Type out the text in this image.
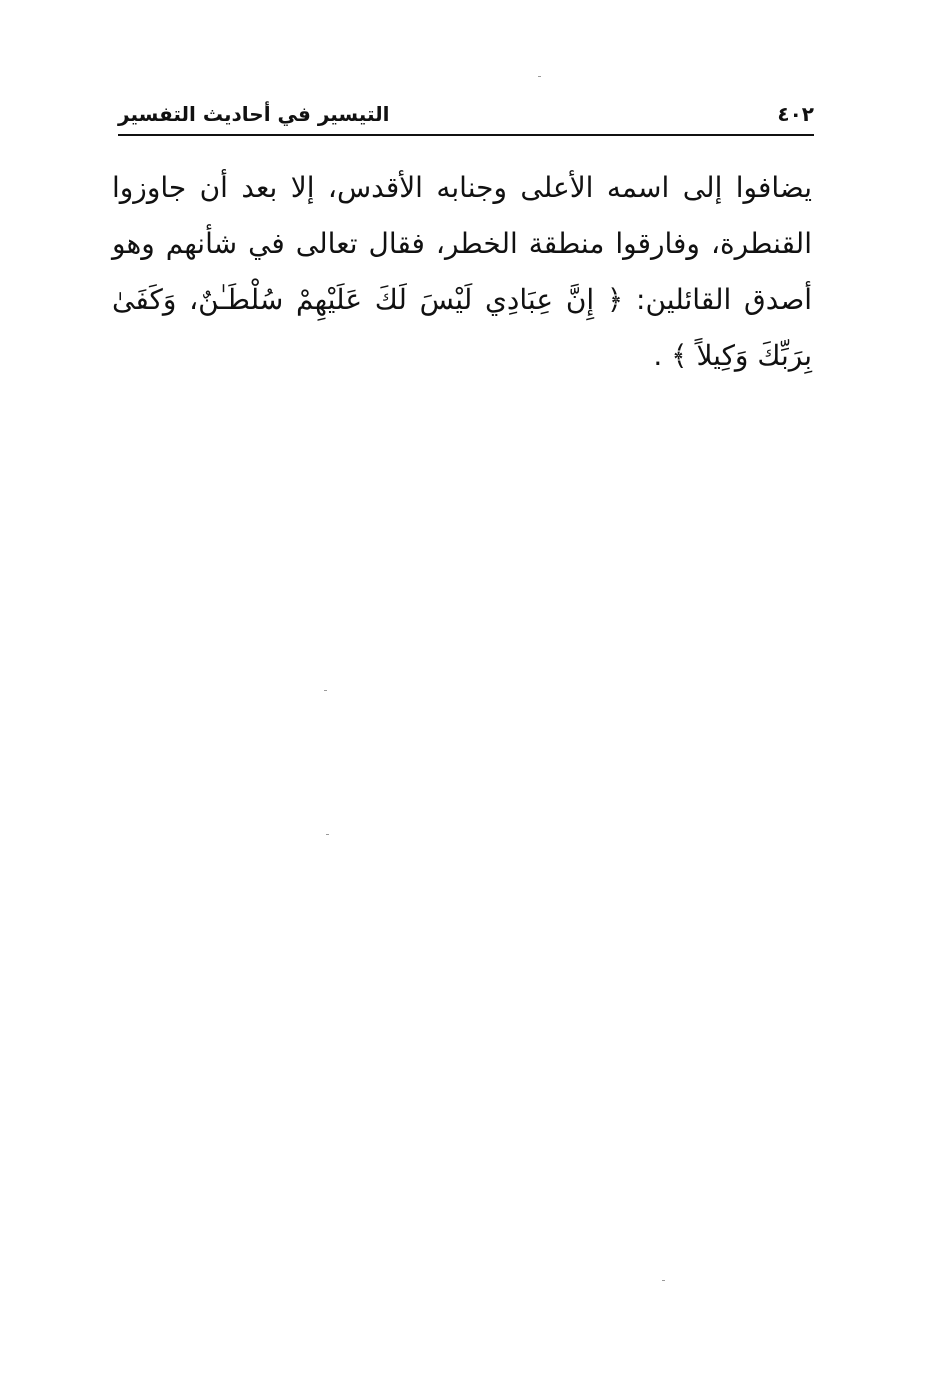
٤٠٢
التيسير في أحاديث التفسير
يضافوا إلى اسمه الأعلى وجنابه الأقدس، إلا بعد أن جاوزوا القنطرة، وفارقوا منطقة الخطر، فقال تعالى في شأنهم وهو أصدق القائلين: ﴿ إِنَّ عِبَادِي لَيْسَ لَكَ عَلَيْهِمْ سُلْطَـٰنٌ، وَكَفَىٰ بِرَبِّكَ وَكِيلاً ﴾ .
